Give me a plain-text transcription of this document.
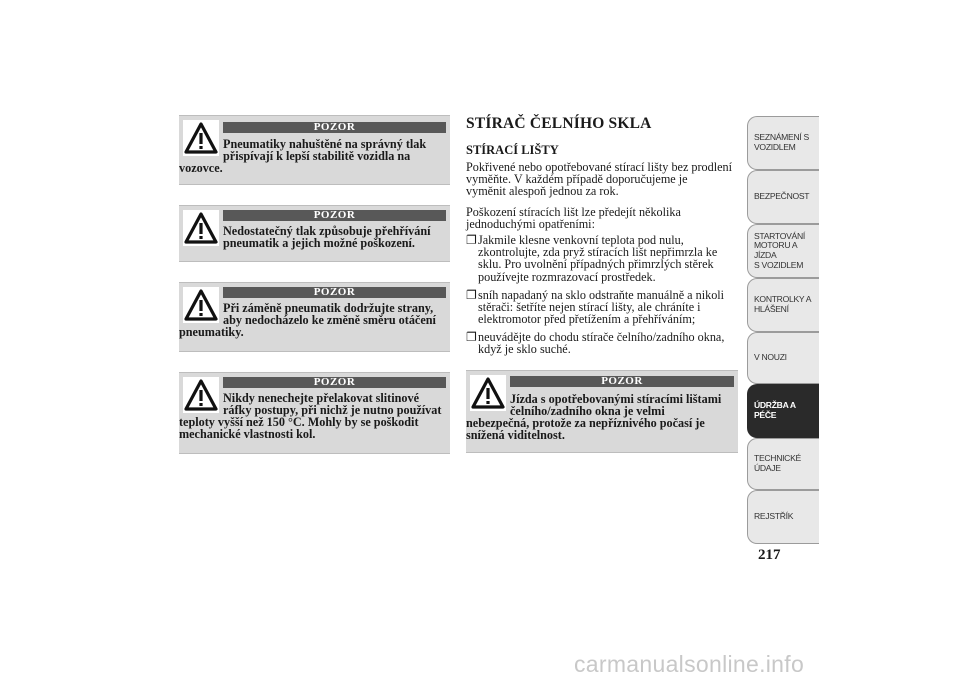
POZOR
Pneumatiky nahuštěné na správný tlak
přispívají k lepší stabilitě vozidla na
vozovce.
POZOR
Nedostatečný tlak způsobuje přehřívání
pneumatik a jejich možné poškození.
POZOR
Při záměně pneumatik dodržujte strany,
aby nedocházelo ke změně směru otáčení
pneumatiky.
POZOR
Nikdy nenechejte přelakovat slitinové
ráfky postupy, při nichž je nutno používat
teploty vyšší než 150 °C. Mohly by se poškodit
mechanické vlastnosti kol.
STÍRAČ ČELNÍHO SKLA
STÍRACÍ LIŠTY
Pokřivené nebo opotřebované stírací lišty bez prodlení
vyměňte. V každém případě doporučujeme je
vyměnit alespoň jednou za rok.
Poškození stíracích lišt lze předejít několika
jednoduchými opatřeními:
❐ Jakmile klesne venkovní teplota pod nulu,
zkontrolujte, zda pryž stíracích lišt nepřimrzla ke
sklu. Pro uvolnění případných přimrzlých stěrek
používejte rozmrazovací prostředek.
❐ sníh napadaný na sklo odstraňte manuálně a nikoli
stěrači: šetříte nejen stírací lišty, ale chráníte i
elektromotor před přetížením a přehříváním;
❐ neuvádějte do chodu stírače čelního/zadního okna,
když je sklo suché.
POZOR
Jízda s opotřebovanými stíracími lištami
čelního/zadního okna je velmi
nebezpečná, protože za nepříznivého počasí je
snížená viditelnost.
SEZNÁMENÍ S
VOZIDLEM
BEZPEČNOST
STARTOVÁNÍ
MOTORU A JÍZDA
S VOZIDLEM
KONTROLKY A
HLÁŠENÍ
V NOUZI
ÚDRŽBA A PÉČE
TECHNICKÉ
ÚDAJE
REJSTŘÍK
217
carmanualsonline.info
